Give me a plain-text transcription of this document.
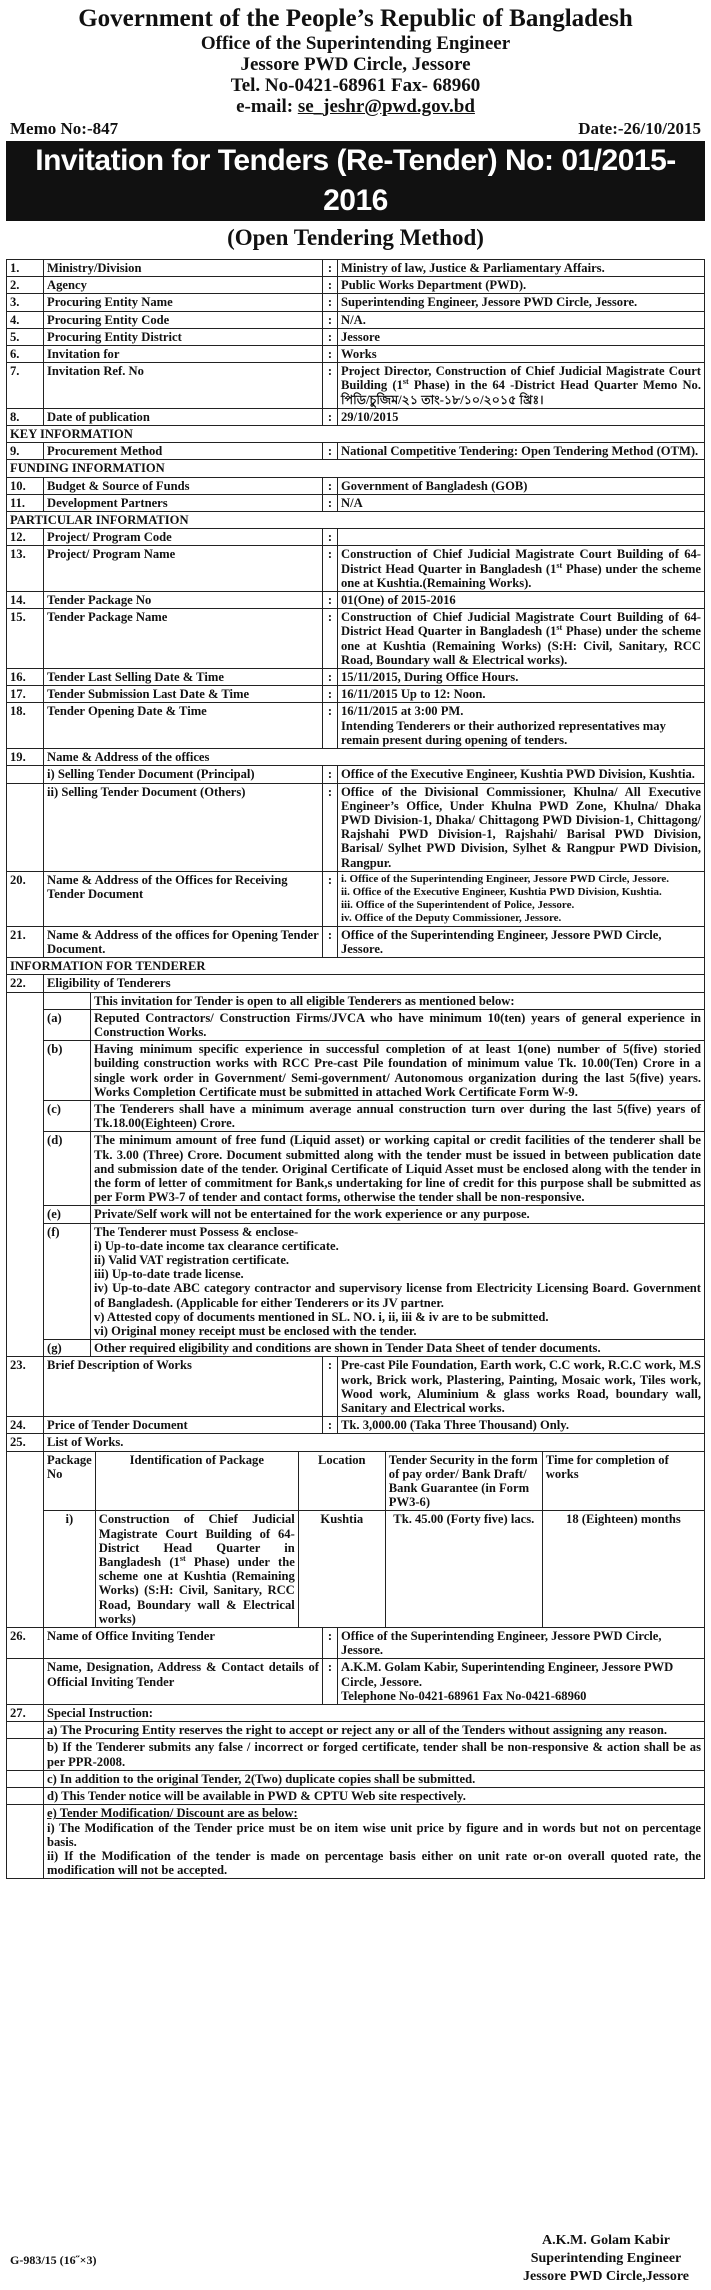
Government of the People’s Republic of Bangladesh
Office of the Superintending Engineer
Jessore PWD Circle, Jessore
Tel. No-0421-68961 Fax- 68960
e-mail: se_jeshr@pwd.gov.bd
Memo No:-847	Date:-26/10/2015
Invitation for Tenders (Re-Tender) No: 01/2015-2016
(Open Tendering Method)
1.	Ministry/Division	:	Ministry of law, Justice & Parliamentary Affairs.
2.	Agency	:	Public Works Department (PWD).
3.	Procuring Entity Name	:	Superintending Engineer, Jessore PWD Circle, Jessore.
4.	Procuring Entity Code	:	N/A.
5.	Procuring Entity District	:	Jessore
6.	Invitation for	:	Works
7.	Invitation Ref. No	:	Project Director, Construction of Chief Judicial Magistrate Court Building (1st Phase) in the 64 -District Head Quarter Memo No. পিডি/চুজিম/২১ তাং-১৮/১০/২০১৫ খ্রিঃ।
8.	Date of publication	:	29/10/2015
KEY INFORMATION
9.	Procurement Method	:	National Competitive Tendering: Open Tendering Method (OTM).
FUNDING INFORMATION
10.	Budget & Source of Funds	:	Government of Bangladesh (GOB)
11.	Development Partners	:	N/A
PARTICULAR INFORMATION
12.	Project/ Program Code	:	
13.	Project/ Program Name	:	Construction of Chief Judicial Magistrate Court Building of 64-District Head Quarter in Bangladesh (1st Phase) under the scheme one at Kushtia.(Remaining Works).
14.	Tender Package No	:	01(One) of 2015-2016
15.	Tender Package Name	:	Construction of Chief Judicial Magistrate Court Building of 64-District Head Quarter in Bangladesh (1st Phase) under the scheme one at Kushtia (Remaining Works) (S:H: Civil, Sanitary, RCC Road, Boundary wall & Electrical works).
16.	Tender Last Selling Date & Time	:	15/11/2015, During Office Hours.
17.	Tender Submission Last Date & Time	:	16/11/2015 Up to 12: Noon.
18.	Tender Opening Date & Time	:	16/11/2015 at 3:00 PM.
Intending Tenderers or their authorized representatives may remain present during opening of tenders.

19.	Name & Address of the offices
	i) Selling Tender Document (Principal)	:	Office of the Executive Engineer, Kushtia PWD Division, Kushtia.
	ii) Selling Tender Document (Others)	:	Office of the Divisional Commissioner, Khulna/ All Executive Engineer’s Office, Under Khulna PWD Zone, Khulna/ Dhaka PWD Division-1, Dhaka/ Chittagong PWD Division-1, Chittagong/ Rajshahi PWD Division-1, Rajshahi/ Barisal PWD Division, Barisal/ Sylhet PWD Division, Sylhet & Rangpur PWD Division, Rangpur.
20.	Name & Address of the Offices for Receiving Tender Document	:	i. Office of the Superintending Engineer, Jessore PWD Circle, Jessore.
ii. Office of the Executive Engineer, Kushtia PWD Division, Kushtia.
iii. Office of the Superintendent of Police, Jessore.
iv. Office of the Deputy Commissioner, Jessore.

21.	Name & Address of the offices for Opening Tender Document.	:	Office of the Superintending Engineer, Jessore PWD Circle, Jessore.
INFORMATION FOR TENDERER
22.	Eligibility of Tenderers

	This invitation for Tender is open to all eligible Tenderers as mentioned below:
(a)	Reputed Contractors/ Construction Firms/JVCA who have minimum 10(ten) years of general experience in Construction Works.
(b)	Having minimum specific experience in successful completion of at least 1(one) number of 5(five) storied building construction works with RCC Pre-cast Pile foundation of minimum value Tk. 10.00(Ten) Crore in a single work order in Government/ Semi-government/ Autonomous organization during the last 5(five) years. Works Completion Certificate must be submitted in attached Work Certificate Form W-9.
(c)	The Tenderers shall have a minimum average annual construction turn over during the last 5(five) years of Tk.18.00(Eighteen) Crore.
(d)	The minimum amount of free fund (Liquid asset) or working capital or credit facilities of the tenderer shall be Tk. 3.00 (Three) Crore. Document submitted along with the tender must be issued in between publication date and submission date of the tender. Original Certificate of Liquid Asset must be enclosed along with the tender in the form of letter of commitment for Bank,s undertaking for line of credit for this purpose shall be submitted as per Form PW3-7 of tender and contact forms, otherwise the tender shall be non-responsive.
(e)	Private/Self work will not be entertained for the work experience or any purpose.
(f)	The Tenderer must Possess & enclose-
i) Up-to-date income tax clearance certificate.
ii) Valid VAT registration certificate.
iii) Up-to-date trade license.
iv) Up-to-date ABC category contractor and supervisory license from Electricity Licensing Board. Government of Bangladesh. (Applicable for either Tenderers or its JV partner.
v) Attested copy of documents mentioned in SL. NO. i, ii, iii & iv are to be submitted.
vi) Original money receipt must be enclosed with the tender.

(g)	Other required eligibility and conditions are shown in Tender Data Sheet of tender documents.

23.	Brief Description of Works	:	Pre-cast Pile Foundation, Earth work, C.C work, R.C.C work, M.S work, Brick work, Plastering, Painting, Mosaic work, Tiles work, Wood work, Aluminium & glass works Road, boundary wall, Sanitary and Electrical works.
24.	Price of Tender Document	:	Tk. 3,000.00 (Taka Three Thousand) Only.
25.	List of Works.

Package No	Identification of Package	Location	Tender Security in the form of pay order/ Bank Draft/ Bank Guarantee (in Form PW3-6)	Time for completion of works
i)	Construction of Chief Judicial Magistrate Court Building of 64-District Head Quarter in Bangladesh (1st Phase) under the scheme one at Kushtia (Remaining Works) (S:H: Civil, Sanitary, RCC Road, Boundary wall & Electrical works)	Kushtia	Tk. 45.00 (Forty five) lacs.	18 (Eighteen) months

26.	Name of Office Inviting Tender	:	Office of the Superintending Engineer, Jessore PWD Circle, Jessore.
	Name, Designation, Address & Contact details of Official Inviting Tender	:	A.K.M. Golam Kabir, Superintending Engineer, Jessore PWD Circle, Jessore.
Telephone No-0421-68961 Fax No-0421-68960

27.	Special Instruction:
	a) The Procuring Entity reserves the right to accept or reject any or all of the Tenders without assigning any reason.
	b) If the Tenderer submits any false / incorrect or forged certificate, tender shall be non-responsive & action shall be as per PPR-2008.
	c) In addition to the original Tender, 2(Two) duplicate copies shall be submitted.
	d) This Tender notice will be available in PWD & CPTU Web site respectively.

e) Tender Modification/ Discount are as below:
i) The Modification of the Tender price must be on item wise unit price by figure and in words but not on percentage basis.
ii) If the Modification of the tender is made on percentage basis either on unit rate or-on overall quoted rate, the modification will not be accepted.
G-983/15 (16˝×3)
A.K.M. Golam Kabir
Superintending Engineer
Jessore PWD Circle,Jessore
